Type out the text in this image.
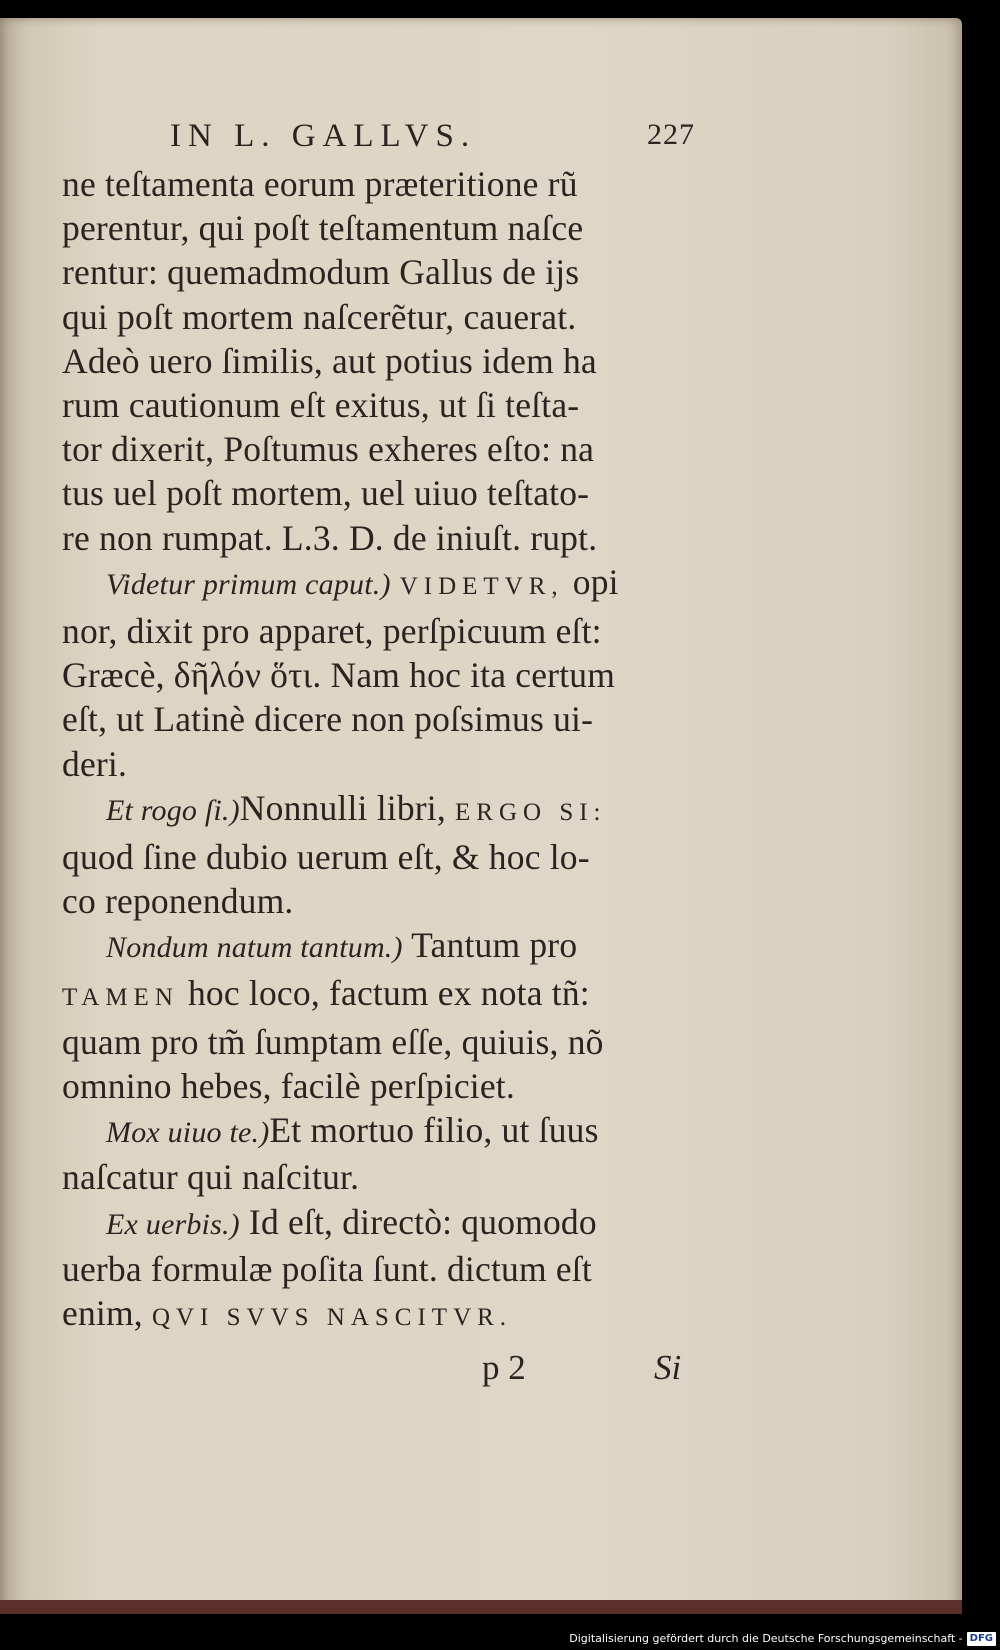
IN L. GALLVS.	227
ne teſtamenta eorum præteritione rũ
perentur, qui poſt teſtamentum naſce
rentur: quemadmodum Gallus de ijs
qui poſt mortem naſcerẽtur, cauerat.
Adeò uero ſimilis, aut potius idem ha
rum cautionum eſt exitus, ut ſi teſta-
tor dixerit, Poſtumus exheres eſto: na
tus uel poſt mortem, uel uiuo teſtato-
re non rumpat. L.3. D. de iniuſt. rupt.
Videtur primum caput.) VIDETVR, opi
nor, dixit pro apparet, perſpicuum eſt:
Græcè, δῆλόν ὅτι. Nam hoc ita certum
eſt, ut Latinè dicere non poſsimus ui-
deri.
Et rogo ſi.)Nonnulli libri, ERGO SI:
quod ſine dubio uerum eſt, & hoc lo-
co reponendum.
Nondum natum tantum.) Tantum pro
TAMEN hoc loco, factum ex nota tñ:
quam pro tm̃ ſumptam eſſe, quiuis, nõ
omnino hebes, facilè perſpiciet.
Mox uiuo te.)Et mortuo filio, ut ſuus
naſcatur qui naſcitur.
Ex uerbis.) Id eſt, directò: quomodo
uerba formulæ poſita ſunt. dictum eſt
enim, QVI SVVS NASCITVR.
p 2	Si
Digitalisierung gefördert durch die Deutsche Forschungsgemeinschaft - DFG
